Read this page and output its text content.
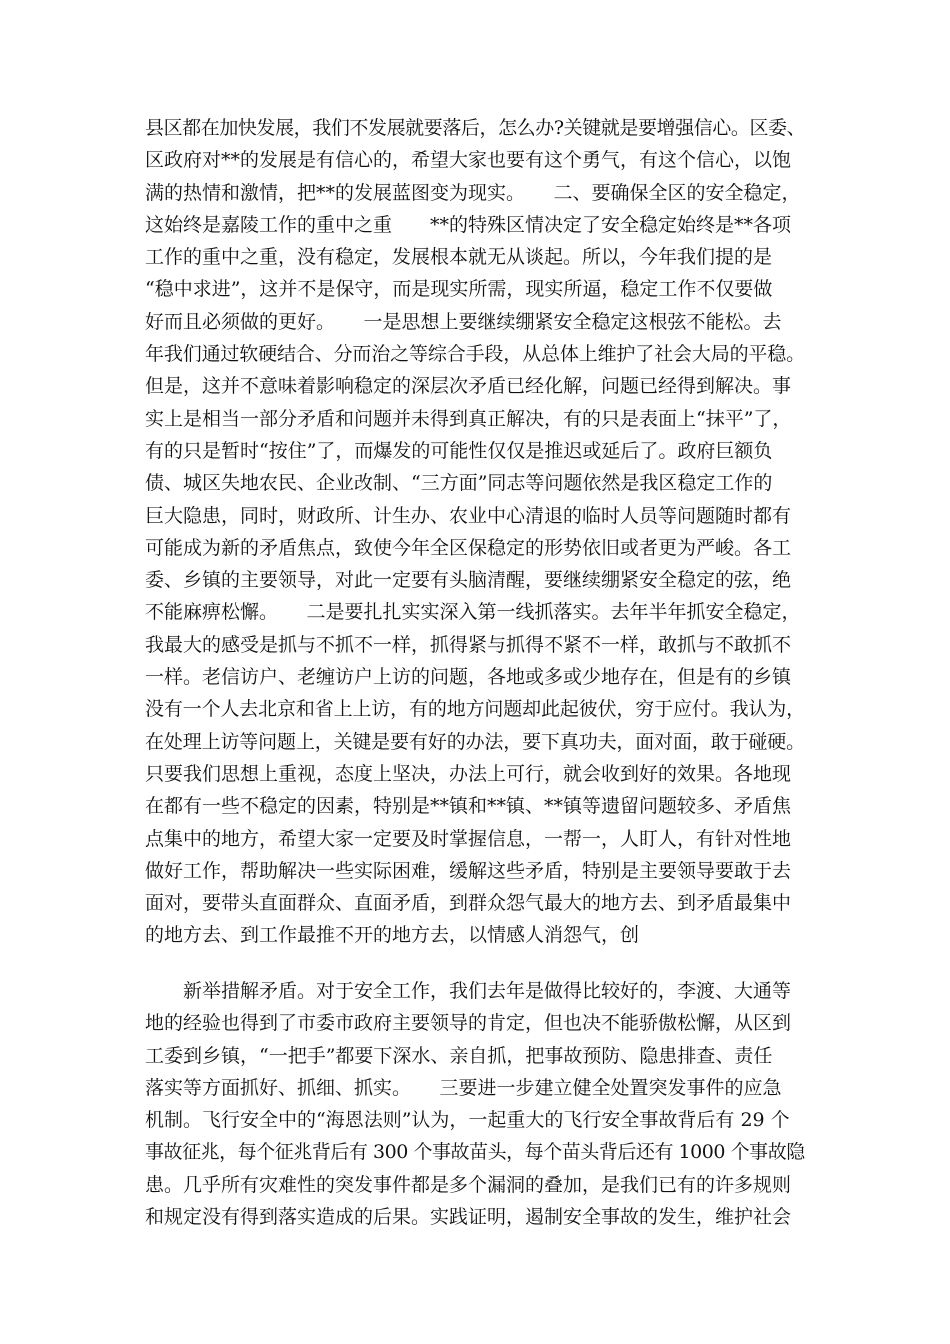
县区都在加快发展，我们不发展就要落后，怎么办?关键就是要增强信心。区委、
区政府对**的发展是有信心的，希望大家也要有这个勇气，有这个信心，以饱
满的热情和激情，把**的发展蓝图变为现实。　　二、要确保全区的安全稳定，
这始终是嘉陵工作的重中之重　　**的特殊区情决定了安全稳定始终是**各项
工作的重中之重，没有稳定，发展根本就无从谈起。所以，今年我们提的是
“稳中求进”，这并不是保守，而是现实所需，现实所逼，稳定工作不仅要做
好而且必须做的更好。　　一是思想上要继续绷紧安全稳定这根弦不能松。去
年我们通过软硬结合、分而治之等综合手段，从总体上维护了社会大局的平稳。
但是，这并不意味着影响稳定的深层次矛盾已经化解，问题已经得到解决。事
实上是相当一部分矛盾和问题并未得到真正解决，有的只是表面上“抹平”了，
有的只是暂时“按住”了，而爆发的可能性仅仅是推迟或延后了。政府巨额负
债、城区失地农民、企业改制、“三方面”同志等问题依然是我区稳定工作的
巨大隐患，同时，财政所、计生办、农业中心清退的临时人员等问题随时都有
可能成为新的矛盾焦点，致使今年全区保稳定的形势依旧或者更为严峻。各工
委、乡镇的主要领导，对此一定要有头脑清醒，要继续绷紧安全稳定的弦，绝
不能麻痹松懈。　　二是要扎扎实实深入第一线抓落实。去年半年抓安全稳定，
我最大的感受是抓与不抓不一样，抓得紧与抓得不紧不一样，敢抓与不敢抓不
一样。老信访户、老缠访户上访的问题，各地或多或少地存在，但是有的乡镇
没有一个人去北京和省上上访，有的地方问题却此起彼伏，穷于应付。我认为，
在处理上访等问题上，关键是要有好的办法，要下真功夫，面对面，敢于碰硬。
只要我们思想上重视，态度上坚决，办法上可行，就会收到好的效果。各地现
在都有一些不稳定的因素，特别是**镇和**镇、**镇等遗留问题较多、矛盾焦
点集中的地方，希望大家一定要及时掌握信息，一帮一，人盯人，有针对性地
做好工作，帮助解决一些实际困难，缓解这些矛盾，特别是主要领导要敢于去
面对，要带头直面群众、直面矛盾，到群众怨气最大的地方去、到矛盾最集中
的地方去、到工作最推不开的地方去，以情感人消怨气，创
　　新举措解矛盾。对于安全工作，我们去年是做得比较好的，李渡、大通等
地的经验也得到了市委市政府主要领导的肯定，但也决不能骄傲松懈，从区到
工委到乡镇，“一把手”都要下深水、亲自抓，把事故预防、隐患排查、责任
落实等方面抓好、抓细、抓实。　　三要进一步建立健全处置突发事件的应急
机制。飞行安全中的“海恩法则”认为，一起重大的飞行安全事故背后有 29 个
事故征兆，每个征兆背后有 300 个事故苗头，每个苗头背后还有 1000 个事故隐
患。几乎所有灾难性的突发事件都是多个漏洞的叠加，是我们已有的许多规则
和规定没有得到落实造成的后果。实践证明，遏制安全事故的发生，维护社会
